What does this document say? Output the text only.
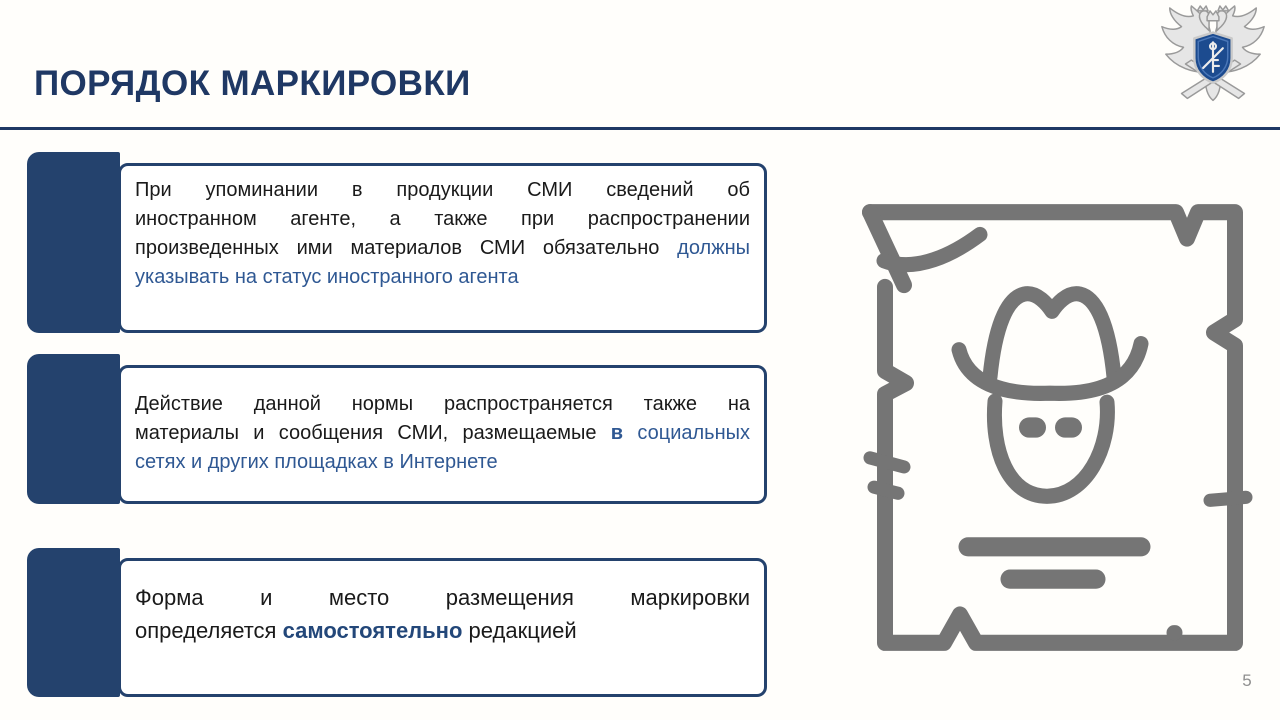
ПОРЯДОК МАРКИРОВКИ
При упоминании в продукции СМИ сведений об
иностранном агенте, а также при распространении
произведенных ими материалов СМИ обязательно должны
указывать на статус иностранного агента
Действие данной нормы распространяется также на
материалы и сообщения СМИ, размещаемые в социальных
сетях и других площадках в Интернете
Форма и место размещения маркировки
определяется самостоятельно редакцией
5
